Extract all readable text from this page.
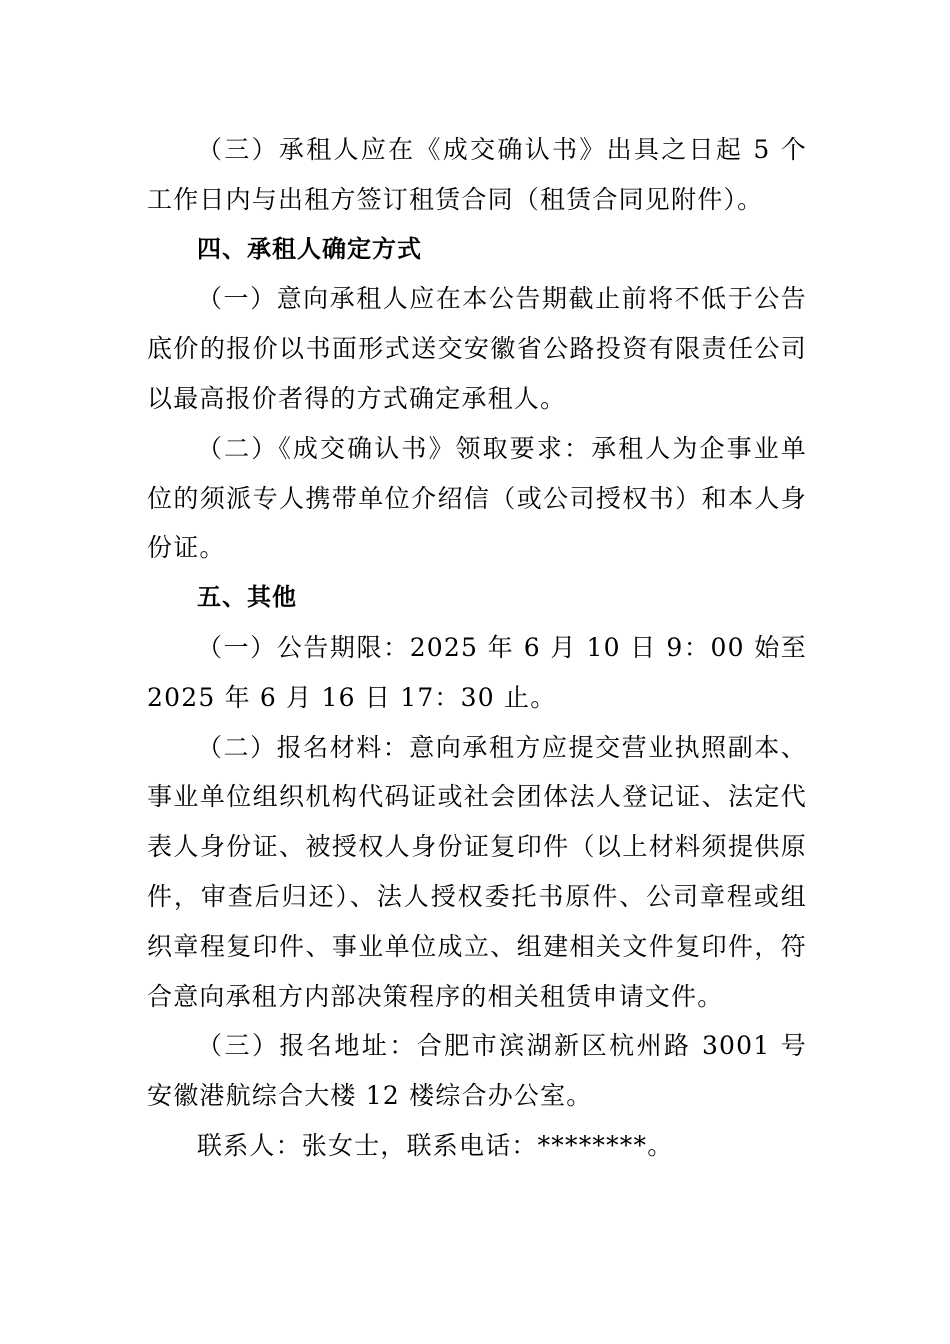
（三）承租人应在《成交确认书》出具之日起 5 个工作日内与出租方签订租赁合同（租赁合同见附件）。

四、承租人确定方式

（一）意向承租人应在本公告期截止前将不低于公告底价的报价以书面形式送交安徽省公路投资有限责任公司以最高报价者得的方式确定承租人。

（二）《成交确认书》领取要求：承租人为企事业单位的须派专人携带单位介绍信（或公司授权书）和本人身份证。

五、其他

（一）公告期限：2025 年 6 月 10 日 9：00 始至 2025 年 6 月 16 日 17：30 止。

（二）报名材料：意向承租方应提交营业执照副本、事业单位组织机构代码证或社会团体法人登记证、法定代表人身份证、被授权人身份证复印件（以上材料须提供原件，审查后归还）、法人授权委托书原件、公司章程或组织章程复印件、事业单位成立、组建相关文件复印件，符合意向承租方内部决策程序的相关租赁申请文件。

（三）报名地址：合肥市滨湖新区杭州路 3001 号安徽港航综合大楼 12 楼综合办公室。

联系人：张女士，联系电话：********。
